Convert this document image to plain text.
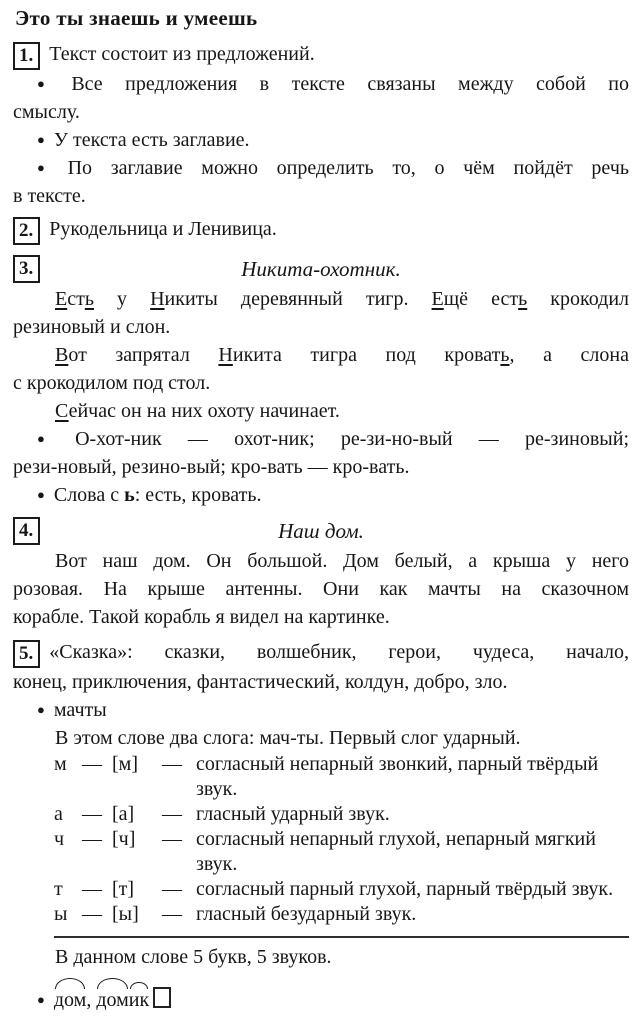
Это ты знаешь и умеешь
1. Текст состоит из предложений.
● Все предложения в тексте связаны между собой по
смыслу.
● У текста есть заглавие.
● По заглавие можно определить то, о чём пойдёт речь
в тексте.
2. Рукодельница и Ленивица.
3.	Никита-охотник.
Есть у Никиты деревянный тигр. Ещё есть крокодил
резиновый и слон.
Вот запрятал Никита тигра под кровать, а слона
с крокодилом под стол.
Сейчас он на них охоту начинает.
● О-хот-ник — охот-ник; ре-зи-но-вый — ре-зиновый;
рези-новый, резино-вый; кро-вать — кро-вать.
● Слова с ь: есть, кровать.
4.	Наш дом.
Вот наш дом. Он большой. Дом белый, а крыша у него
розовая. На крыше антенны. Они как мачты на сказочном
корабле. Такой корабль я видел на картинке.
5. «Сказка»: сказки, волшебник, герои, чудеса, начало,
конец, приключения, фантастический, колдун, добро, зло.
● мачты
В этом слове два слога: мач-ты. Первый слог ударный.
м — [м]	— согласный непарный звонкий, парный твёрдый звук.
а — [а]	— гласный ударный звук.
ч — [ч]	— согласный непарный глухой, непарный мягкий звук.
т — [т]	— согласный парный глухой, парный твёрдый звук.
ы — [ы]	— гласный безударный звук.
В данном слове 5 букв, 5 звуков.
● дом, домик
